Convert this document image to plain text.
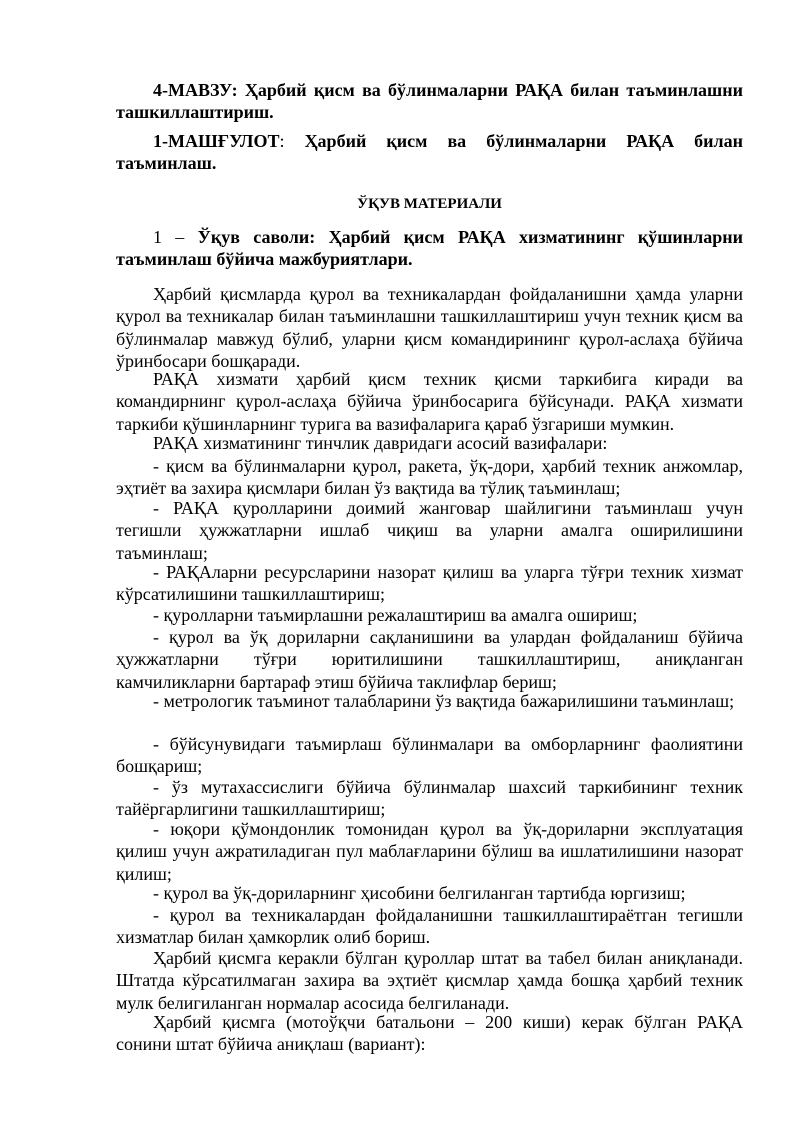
4-МАВЗУ: Ҳарбий қисм ва бўлинмаларни РАҚА билан таъминлашни ташкиллаштириш.

1-МАШҒУЛОТ: Ҳарбий қисм ва бўлинмаларни РАҚА билан таъминлаш.

ЎҚУВ МАТЕРИАЛИ

1 – Ўқув саволи: Ҳарбий қисм РАҚА хизматининг қўшинларни таъминлаш бўйича мажбуриятлари.

Ҳарбий қисмларда қурол ва техникалардан фойдаланишни ҳамда уларни қурол ва техникалар билан таъминлашни ташкиллаштириш учун техник қисм ва бўлинмалар мавжуд бўлиб, уларни қисм командирининг қурол-аслаҳа бўйича ўринбосари бошқаради.

РАҚА хизмати ҳарбий қисм техник қисми таркибига киради ва командирнинг қурол-аслаҳа бўйича ўринбосарига бўйсунади. РАҚА хизмати таркиби қўшинларнинг турига ва вазифаларига қараб ўзгариши мумкин.

РАҚА хизматининг тинчлик давридаги асосий вазифалари:

- қисм ва бўлинмаларни қурол, ракета, ўқ-дори, ҳарбий техник анжомлар, эҳтиёт ва захира қисмлари билан ўз вақтида ва тўлиқ таъминлаш;

- РАҚА қуролларини доимий жанговар шайлигини таъминлаш учун тегишли ҳужжатларни ишлаб чиқиш ва уларни амалга оширилишини таъминлаш;

- РАҚАларни ресурсларини назорат қилиш ва уларга тўғри техник хизмат кўрсатилишини ташкиллаштириш;

- қуролларни таъмирлашни режалаштириш ва амалга ошириш;

- қурол ва ўқ дориларни сақланишини ва улардан фойдаланиш бўйича ҳужжатларни тўғри юритилишини ташкиллаштириш, аниқланган камчиликларни бартараф этиш бўйича таклифлар бериш;

- метрологик таъминот талабларини ўз вақтида бажарилишини таъминлаш;

- бўйсунувидаги таъмирлаш бўлинмалари ва омборларнинг фаолиятини бошқариш;

- ўз мутахассислиги бўйича бўлинмалар шахсий таркибининг техник тайёргарлигини ташкиллаштириш;

- юқори қўмондонлик томонидан қурол ва ўқ-дориларни эксплуатация қилиш учун ажратиладиган пул маблағларини бўлиш ва ишлатилишини назорат қилиш;

- қурол ва ўқ-дориларнинг ҳисобини белгиланган тартибда юргизиш;

- қурол ва техникалардан фойдаланишни ташкиллаштираётган тегишли хизматлар билан ҳамкорлик олиб бориш.

Ҳарбий қисмга керакли бўлган қуроллар штат ва табел билан аниқланади. Штатда кўрсатилмаган захира ва эҳтиёт қисмлар ҳамда бошқа ҳарбий техник мулк белигиланган нормалар асосида белгиланади.

Ҳарбий қисмга (мотоўқчи батальони – 200 киши) керак бўлган РАҚА сонини штат бўйича аниқлаш (вариант):
